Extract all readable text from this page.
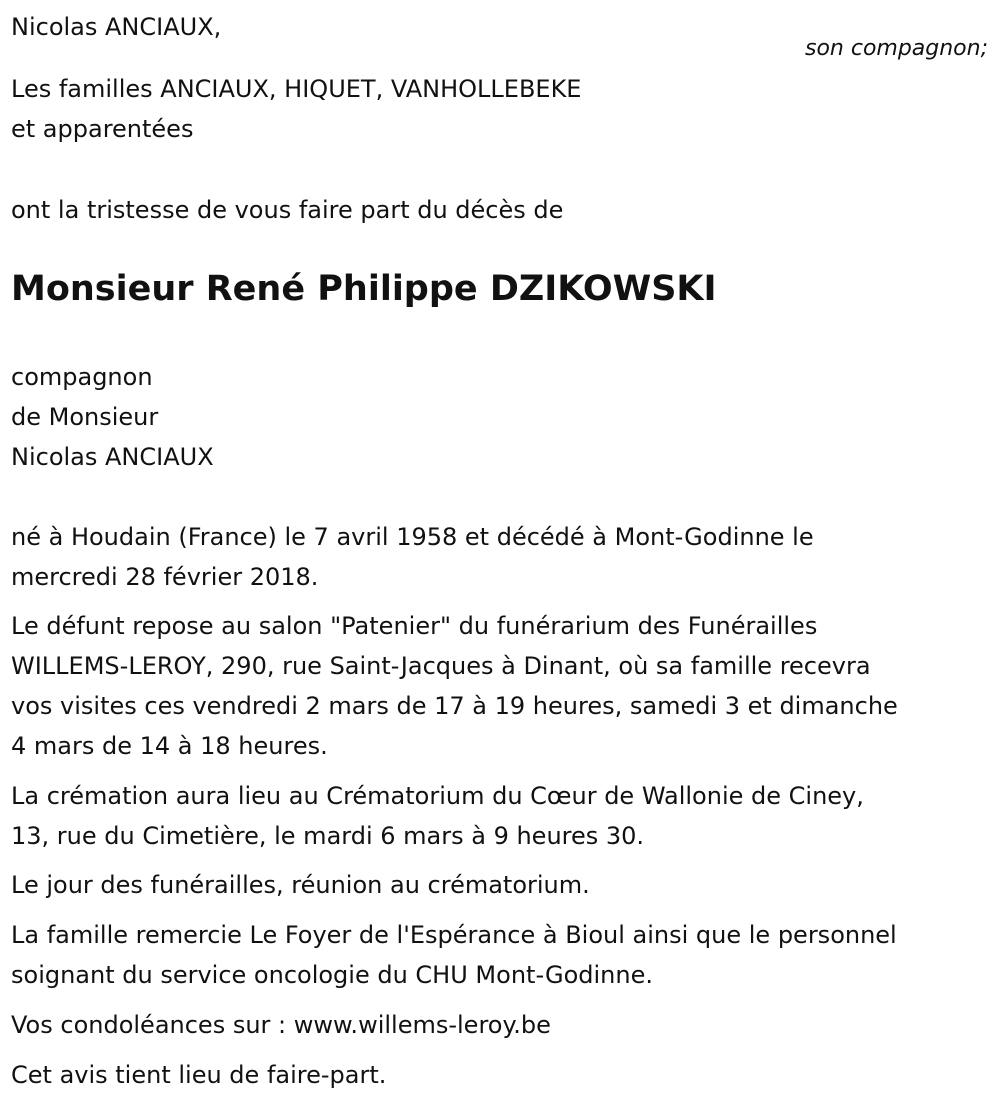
Nicolas ANCIAUX,

son compagnon;

Les familles ANCIAUX, HIQUET, VANHOLLEBEKE

et apparentées

ont la tristesse de vous faire part du décès de

Monsieur René Philippe DZIKOWSKI

compagnon

de Monsieur

Nicolas ANCIAUX

né à Houdain (France) le 7 avril 1958 et décédé à Mont-Godinne le

mercredi 28 février 2018.

Le défunt repose au salon "Patenier" du funérarium des Funérailles

WILLEMS-LEROY, 290, rue Saint-Jacques à Dinant, où sa famille recevra

vos visites ces vendredi 2 mars de 17 à 19 heures, samedi 3 et dimanche

4 mars de 14 à 18 heures.

La crémation aura lieu au Crématorium du Cœur de Wallonie de Ciney,

13, rue du Cimetière, le mardi 6 mars à 9 heures 30.

Le jour des funérailles, réunion au crématorium.

La famille remercie Le Foyer de l'Espérance à Bioul ainsi que le personnel

soignant du service oncologie du CHU Mont-Godinne.

Vos condoléances sur : www.willems-leroy.be

Cet avis tient lieu de faire-part.
